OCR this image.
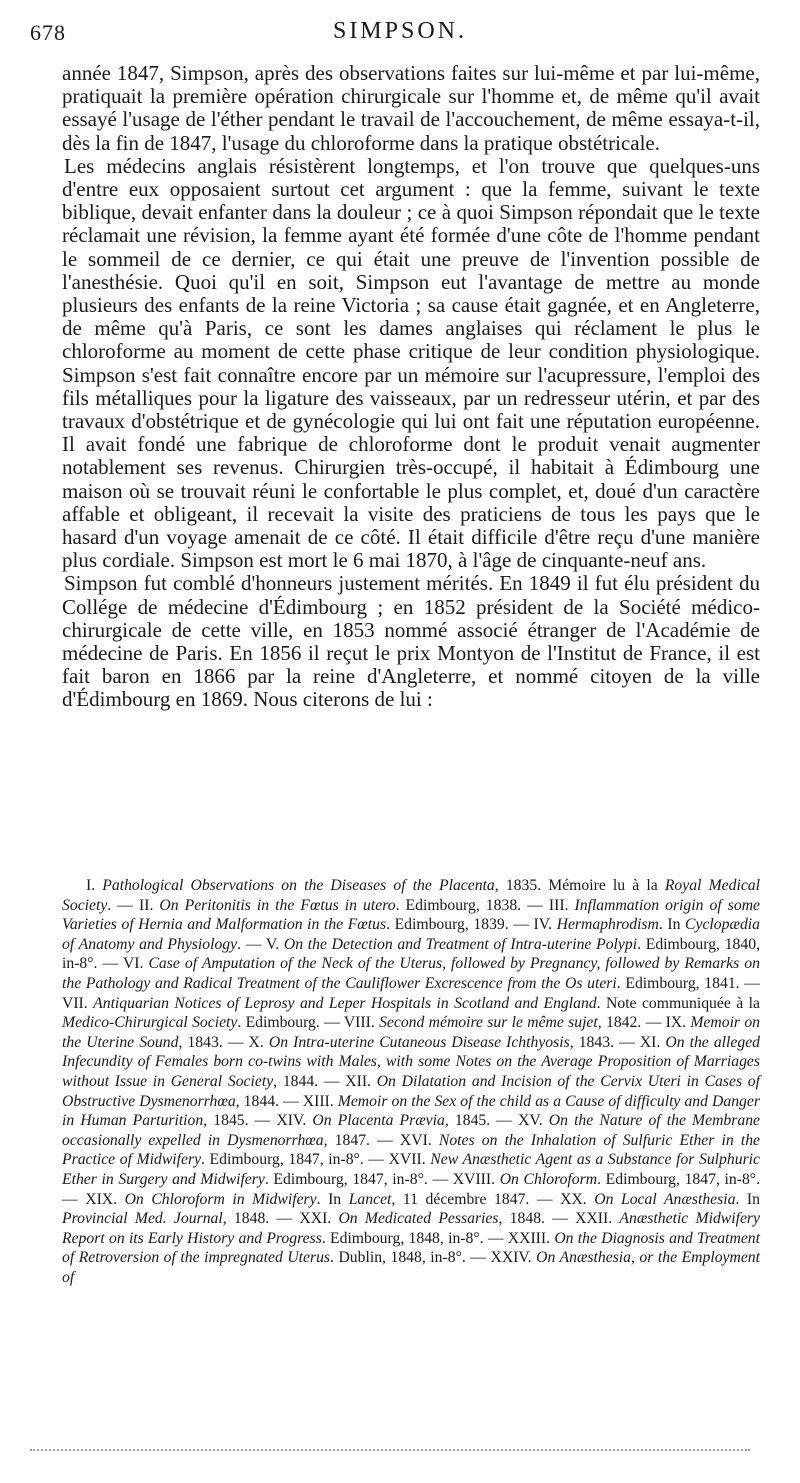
678	SIMPSON.

année 1847, Simpson, après des observations faites sur lui-même et par lui-même, pratiquait la première opération chirurgicale sur l'homme et, de même qu'il avait essayé l'usage de l'éther pendant le travail de l'accouchement, de même essaya-t-il, dès la fin de 1847, l'usage du chloroforme dans la pratique obstétricale.

Les médecins anglais résistèrent longtemps, et l'on trouve que quelques-uns d'entre eux opposaient surtout cet argument : que la femme, suivant le texte biblique, devait enfanter dans la douleur ; ce à quoi Simpson répondait que le texte réclamait une révision, la femme ayant été formée d'une côte de l'homme pendant le sommeil de ce dernier, ce qui était une preuve de l'invention possible de l'anesthésie. Quoi qu'il en soit, Simpson eut l'avantage de mettre au monde plusieurs des enfants de la reine Victoria ; sa cause était gagnée, et en Angleterre, de même qu'à Paris, ce sont les dames anglaises qui réclament le plus le chloroforme au moment de cette phase critique de leur condition physiologique. Simpson s'est fait connaître encore par un mémoire sur l'acupressure, l'emploi des fils métalliques pour la ligature des vaisseaux, par un redresseur utérin, et par des travaux d'obstétrique et de gynécologie qui lui ont fait une réputation européenne. Il avait fondé une fabrique de chloroforme dont le produit venait augmenter notablement ses revenus. Chirurgien très-occupé, il habitait à Édimbourg une maison où se trouvait réuni le confortable le plus complet, et, doué d'un caractère affable et obligeant, il recevait la visite des praticiens de tous les pays que le hasard d'un voyage amenait de ce côté. Il était difficile d'être reçu d'une manière plus cordiale. Simpson est mort le 6 mai 1870, à l'âge de cinquante-neuf ans.

Simpson fut comblé d'honneurs justement mérités. En 1849 il fut élu président du Collége de médecine d'Édimbourg ; en 1852 président de la Société médico-chirurgicale de cette ville, en 1853 nommé associé étranger de l'Académie de médecine de Paris. En 1856 il reçut le prix Montyon de l'Institut de France, il est fait baron en 1866 par la reine d'Angleterre, et nommé citoyen de la ville d'Édimbourg en 1869. Nous citerons de lui :

I. Pathological Observations on the Diseases of the Placenta, 1835. Mémoire lu à la Royal Medical Society. — II. On Peritonitis in the Fœtus in utero. Edimbourg, 1838. — III. Inflammation origin of some Varieties of Hernia and Malformation in the Fœtus. Edimbourg, 1839. — IV. Hermaphrodism. In Cyclopædia of Anatomy and Physiology. — V. On the Detection and Treatment of Intra-uterine Polypi. Edimbourg, 1840, in-8°. — VI. Case of Amputation of the Neck of the Uterus, followed by Pregnancy, followed by Remarks on the Pathology and Radical Treatment of the Cauliflower Excrescence from the Os uteri. Edimbourg, 1841. — VII. Antiquarian Notices of Leprosy and Leper Hospitals in Scotland and England. Note communiquée à la Medico-Chirurgical Society. Edimbourg. — VIII. Second mémoire sur le même sujet, 1842. — IX. Memoir on the Uterine Sound, 1843. — X. On Intra-uterine Cutaneous Disease Ichthyosis, 1843. — XI. On the alleged Infecundity of Females born co-twins with Males, with some Notes on the Average Proposition of Marriages without Issue in General Society, 1844. — XII. On Dilatation and Incision of the Cervix Uteri in Cases of Obstructive Dysmenorrhœa, 1844. — XIII. Memoir on the Sex of the child as a Cause of difficulty and Danger in Human Parturition, 1845. — XIV. On Placenta Prævia, 1845. — XV. On the Nature of the Membrane occasionally expelled in Dysmenorrhœa, 1847. — XVI. Notes on the Inhalation of Sulfuric Ether in the Practice of Midwifery. Edimbourg, 1847, in-8°. — XVII. New Anæsthetic Agent as a Substance for Sulphuric Ether in Surgery and Midwifery. Edimbourg, 1847, in-8°. — XVIII. On Chloroform. Edimbourg, 1847, in-8°. — XIX. On Chloroform in Midwifery. In Lancet, 11 décembre 1847. — XX. On Local Anæsthesia. In Provincial Med. Journal, 1848. — XXI. On Medicated Pessaries, 1848. — XXII. Anæsthetic Midwifery Report on its Early History and Progress. Edimbourg, 1848, in-8°. — XXIII. On the Diagnosis and Treatment of Retroversion of the impregnated Uterus. Dublin, 1848, in-8°. — XXIV. On Anæsthesia, or the Employment of
